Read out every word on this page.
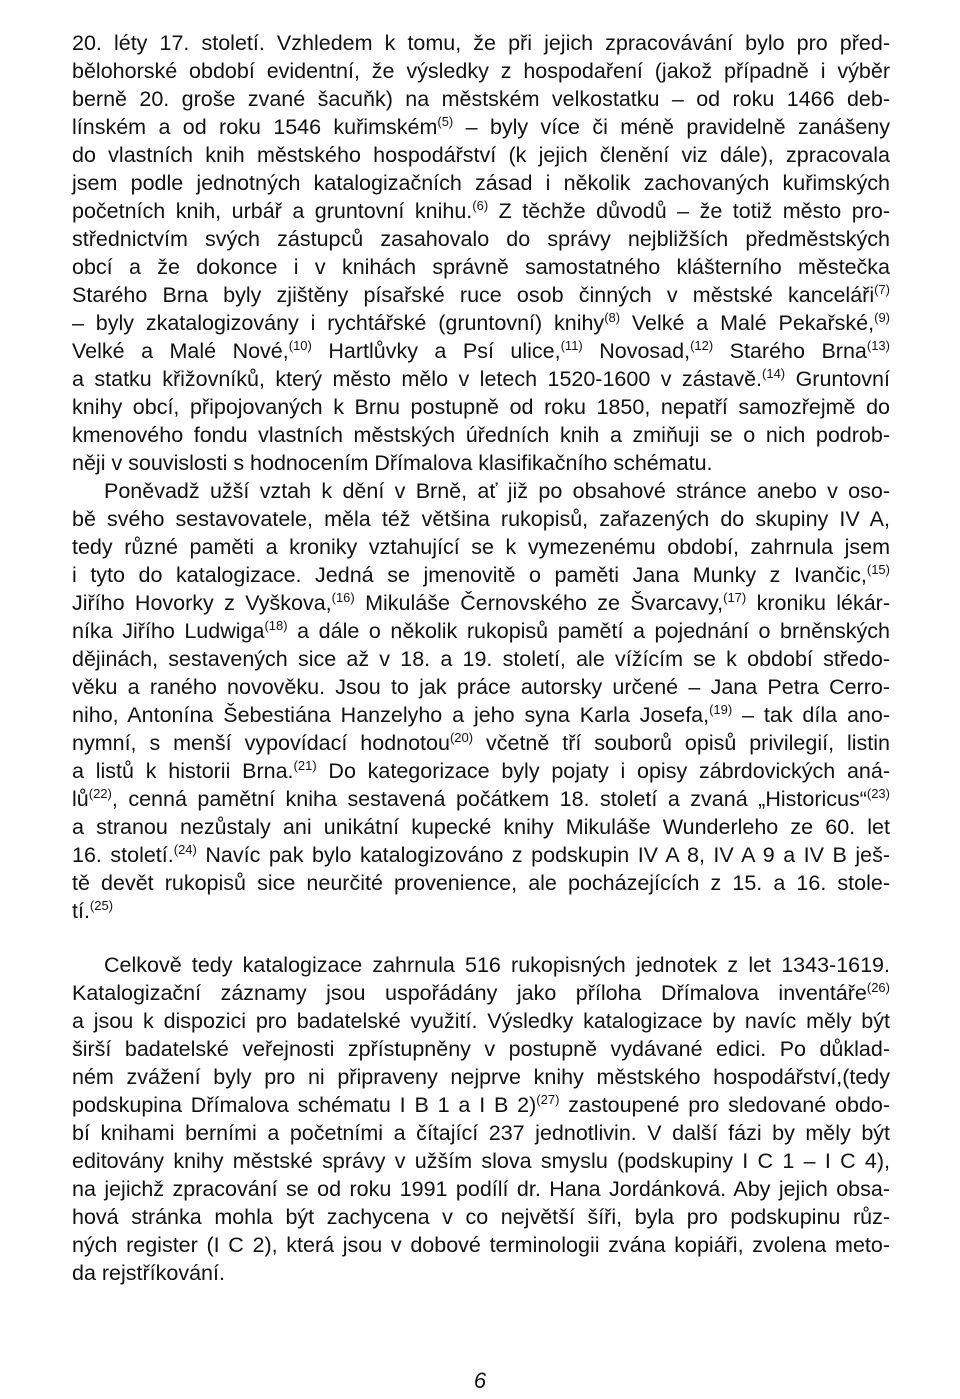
20. léty 17. století. Vzhledem k tomu, že při jejich zpracovávání bylo pro před-
bělohorské období evidentní, že výsledky z hospodaření (jakož případně i výběr
berně 20. groše zvané šacuňk) na městském velkostatku – od roku 1466 deb-
línském a od roku 1546 kuřimském$^{(5)}$ – byly více či méně pravidelně zanášeny
do vlastních knih městského hospodářství (k jejich členění viz dále), zpracovala
jsem podle jednotných katalogizačních zásad i několik zachovaných kuřimských
početních knih, urbář a gruntovní knihu.$^{(6)}$ Z těchže důvodů – že totiž město pro-
střednictvím svých zástupců zasahovalo do správy nejbližších předměstských
obcí a že dokonce i v knihách správně samostatného klášterního městečka
Starého Brna byly zjištěny písařské ruce osob činných v městské kanceláři$^{(7)}$
– byly zkatalogizovány i rychtářské (gruntovní) knihy$^{(8)}$ Velké a Malé Pekařské,$^{(9)}$
Velké a Malé Nové,$^{(10)}$ Hartlůvky a Psí ulice,$^{(11)}$ Novosad,$^{(12)}$ Starého Brna$^{(13)}$
a statku křižovníků, který město mělo v letech 1520-1600 v zástavě.$^{(14)}$ Gruntovní
knihy obcí, připojovaných k Brnu postupně od roku 1850, nepatří samozřejmě do
kmenového fondu vlastních městských úředních knih a zmiňuji se o nich podrob-
něji v souvislosti s hodnocením Dřímalova klasifikačního schématu.
Poněvadž užší vztah k dění v Brně, ať již po obsahové stránce anebo v oso-
bě svého sestavovatele, měla též většina rukopisů, zařazených do skupiny IV A,
tedy různé paměti a kroniky vztahující se k vymezenému období, zahrnula jsem
i tyto do katalogizace. Jedná se jmenovitě o paměti Jana Munky z Ivančic,$^{(15)}$
Jiřího Hovorky z Vyškova,$^{(16)}$ Mikuláše Černovského ze Švarcavy,$^{(17)}$ kroniku lékár-
níka Jiřího Ludwiga$^{(18)}$ a dále o několik rukopisů pamětí a pojednání o brněnských
dějinách, sestavených sice až v 18. a 19. století, ale vížícím se k období středo-
věku a raného novověku. Jsou to jak práce autorsky určené – Jana Petra Cerro-
niho, Antonína Šebestiána Hanzelyho a jeho syna Karla Josefa,$^{(19)}$ – tak díla ano-
nymní, s menší vypovídací hodnotou$^{(20)}$ včetně tří souborů opisů privilegií, listin
a listů k historii Brna.$^{(21)}$ Do kategorizace byly pojaty i opisy zábrdovických aná-
$lů^{(22)}$, cenná pamětní kniha sestavená počátkem 18. století a zvaná „Historicus“$^{(23)}$
a stranou nezůstaly ani unikátní kupecké knihy Mikuláše Wunderleho ze 60. let
16. století.$^{(24)}$ Navíc pak bylo katalogizováno z podskupin IV A 8, IV A 9 a IV B ješ-
tě devět rukopisů sice neurčité provenience, ale pocházejících z 15. a 16. stole-
tí.$^{(25)}$
Celkově tedy katalogizace zahrnula 516 rukopisných jednotek z let 1343-1619.
Katalogizační záznamy jsou uspořádány jako příloha Dřímalova inventáře$^{(26)}$
a jsou k dispozici pro badatelské využití. Výsledky katalogizace by navíc měly být
širší badatelské veřejnosti zpřístupněny v postupně vydávané edici. Po důklad-
ném zvážení byly pro ni připraveny nejprve knihy městského hospodářství,(tedy
podskupina Dřímalova schématu I B 1 a I B 2)$^{(27)}$ zastoupené pro sledované obdo-
bí knihami berními a početními a čítající 237 jednotlivin. V další fázi by měly být
editovány knihy městské správy v užším slova smyslu (podskupiny I C 1 – I C 4),
na jejichž zpracování se od roku 1991 podílí dr. Hana Jordánková. Aby jejich obsa-
hová stránka mohla být zachycena v co největší šíři, byla pro podskupinu růz-
ných register (I C 2), která jsou v dobové terminologii zvána kopiáři, zvolena meto-
da rejstříkování.
6
